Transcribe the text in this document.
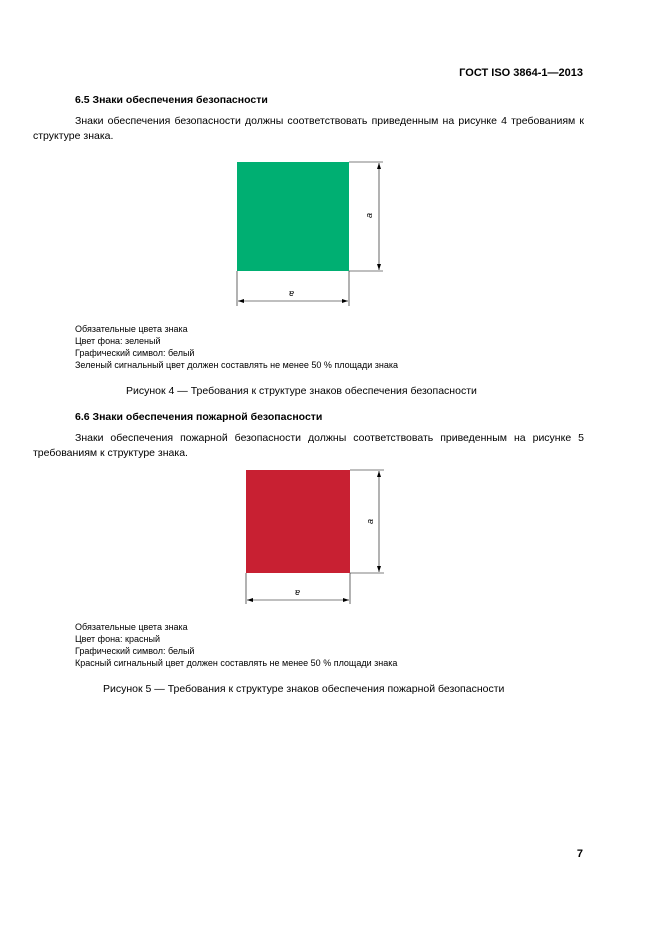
ГОСТ ISO 3864-1—2013
6.5 Знаки обеспечения безопасности
Знаки обеспечения безопасности должны соответствовать приведенным на рисунке 4 требованиям к структуре знака.
a
a
Обязательные цвета знака
Цвет фона: зеленый
Графический символ: белый
Зеленый сигнальный цвет должен составлять не менее 50 % площади знака
Рисунок 4 — Требования к структуре знаков обеспечения безопасности
6.6 Знаки обеспечения пожарной безопасности
Знаки обеспечения пожарной безопасности должны соответствовать приведенным на рисунке 5 требованиям к структуре знака.
a
a
Обязательные цвета знака
Цвет фона: красный
Графический символ: белый
Красный сигнальный цвет должен составлять не менее 50 % площади знака
Рисунок 5 — Требования к структуре знаков обеспечения пожарной безопасности
7
